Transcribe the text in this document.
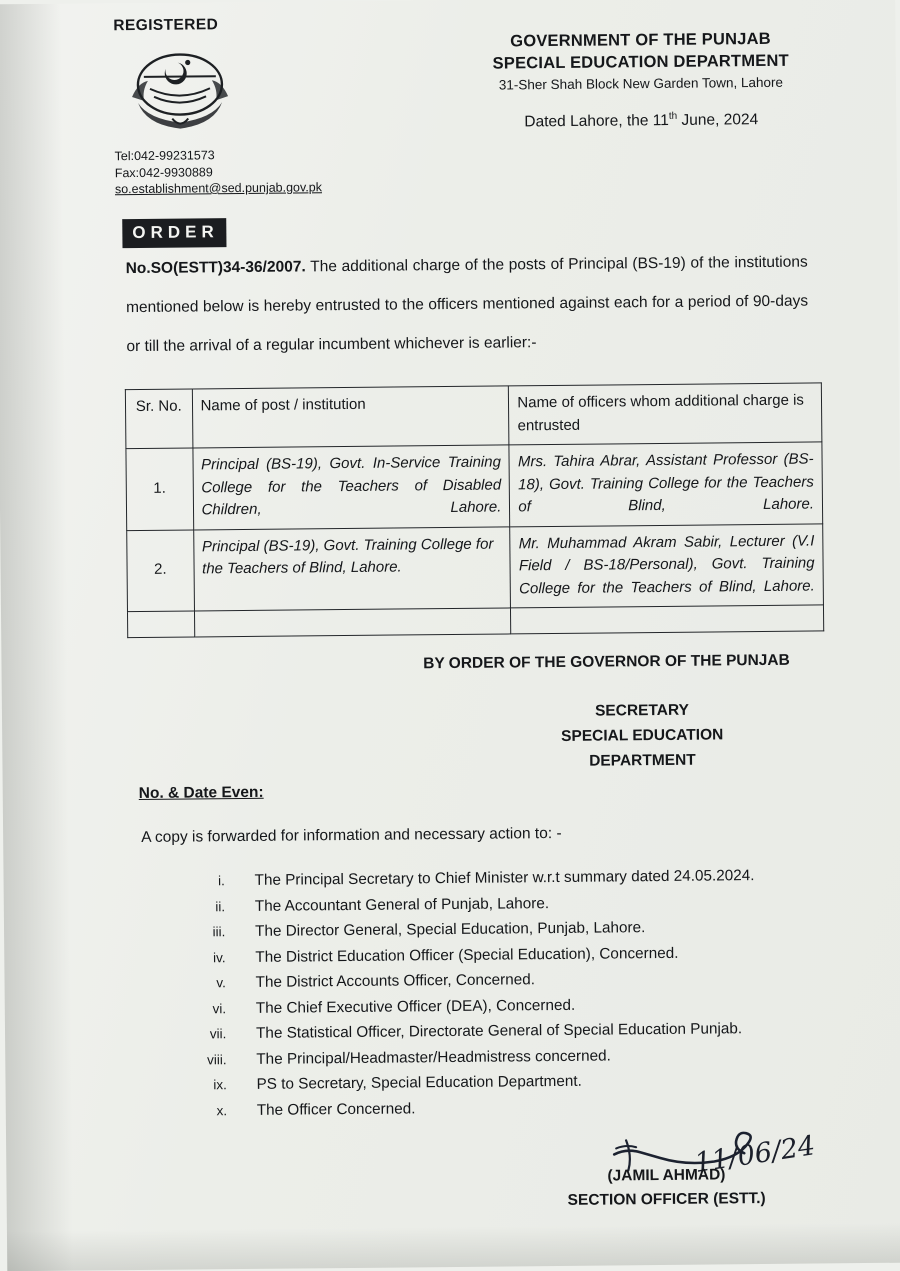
REGISTERED
Tel:042-99231573
Fax:042-9930889
so.establishment@sed.punjab.gov.pk
GOVERNMENT OF THE PUNJAB
SPECIAL EDUCATION DEPARTMENT
31-Sher Shah Block New Garden Town, Lahore
Dated Lahore, the 11th June, 2024
ORDER
No.SO(ESTT)34-36/2007. The additional charge of the posts of Principal (BS-19) of the institutions mentioned below is hereby entrusted to the officers mentioned against each for a period of 90-days or till the arrival of a regular incumbent whichever is earlier:-
Sr. No.	Name of post / institution	Name of officers whom additional charge is entrusted
1.	Principal (BS-19), Govt. In-Service Training College for the Teachers of Disabled Children, Lahore.	Mrs. Tahira Abrar, Assistant Professor (BS-18), Govt. Training College for the Teachers of Blind, Lahore.
2.	Principal (BS-19), Govt. Training College for the Teachers of Blind, Lahore.	Mr. Muhammad Akram Sabir, Lecturer (V.I Field / BS-18/Personal), Govt. Training College for the Teachers of Blind, Lahore.

BY ORDER OF THE GOVERNOR OF THE PUNJAB
SECRETARY
SPECIAL EDUCATION
DEPARTMENT
No. & Date Even:
A copy is forwarded for information and necessary action to: -
i. The Principal Secretary to Chief Minister w.r.t summary dated 24.05.2024.
ii. The Accountant General of Punjab, Lahore.
iii. The Director General, Special Education, Punjab, Lahore.
iv. The District Education Officer (Special Education), Concerned.
v. The District Accounts Officer, Concerned.
vi. The Chief Executive Officer (DEA), Concerned.
vii. The Statistical Officer, Directorate General of Special Education Punjab.
viii. The Principal/Headmaster/Headmistress concerned.
ix. PS to Secretary, Special Education Department.
x. The Officer Concerned.
11/06/24
(JAMIL AHMAD)
SECTION OFFICER (ESTT.)
